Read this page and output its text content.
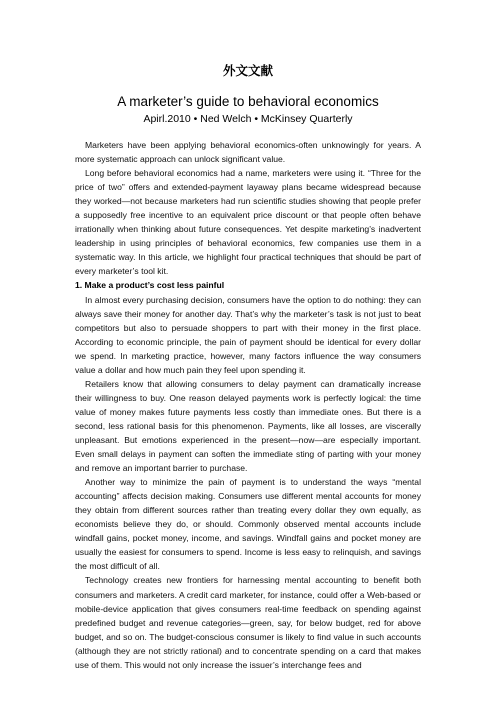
外文文献
A marketer’s guide to behavioral economics
Apirl.2010 • Ned Welch • McKinsey Quarterly

Marketers have been applying behavioral economics-often unknowingly for years. A more systematic approach can unlock significant value.

Long before behavioral economics had a name, marketers were using it. “Three for the price of two” offers and extended-payment layaway plans became widespread because they worked—not because marketers had run scientific studies showing that people prefer a supposedly free incentive to an equivalent price discount or that people often behave irrationally when thinking about future consequences. Yet despite marketing’s inadvertent leadership in using principles of behavioral economics, few companies use them in a systematic way. In this article, we highlight four practical techniques that should be part of every marketer’s tool kit.

1. Make a product’s cost less painful

In almost every purchasing decision, consumers have the option to do nothing: they can always save their money for another day. That’s why the marketer’s task is not just to beat competitors but also to persuade shoppers to part with their money in the first place. According to economic principle, the pain of payment should be identical for every dollar we spend. In marketing practice, however, many factors influence the way consumers value a dollar and how much pain they feel upon spending it.

Retailers know that allowing consumers to delay payment can dramatically increase their willingness to buy. One reason delayed payments work is perfectly logical: the time value of money makes future payments less costly than immediate ones. But there is a second, less rational basis for this phenomenon. Payments, like all losses, are viscerally unpleasant. But emotions experienced in the present—now—are especially important. Even small delays in payment can soften the immediate sting of parting with your money and remove an important barrier to purchase.

Another way to minimize the pain of payment is to understand the ways “mental accounting” affects decision making. Consumers use different mental accounts for money they obtain from different sources rather than treating every dollar they own equally, as economists believe they do, or should. Commonly observed mental accounts include windfall gains, pocket money, income, and savings. Windfall gains and pocket money are usually the easiest for consumers to spend. Income is less easy to relinquish, and savings the most difficult of all.

Technology creates new frontiers for harnessing mental accounting to benefit both consumers and marketers. A credit card marketer, for instance, could offer a Web-based or mobile-device application that gives consumers real-time feedback on spending against predefined budget and revenue categories—green, say, for below budget, red for above budget, and so on. The budget-conscious consumer is likely to find value in such accounts (although they are not strictly rational) and to concentrate spending on a card that makes use of them. This would not only increase the issuer’s interchange fees and
